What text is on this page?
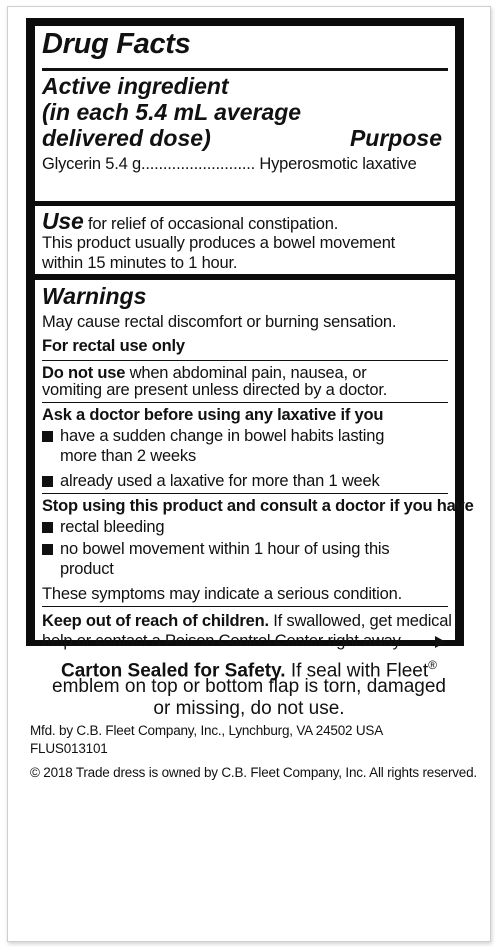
Drug Facts
Active ingredient
(in each 5.4 mL average
delivered dose)	Purpose
Glycerin 5.4 g.......................... Hyperosmotic laxative
Use for relief of occasional constipation.
This product usually produces a bowel movement
within 15 minutes to 1 hour.
Warnings
May cause rectal discomfort or burning sensation.
For rectal use only
Do not use when abdominal pain, nausea, or
vomiting are present unless directed by a doctor.
Ask a doctor before using any laxative if you
have a sudden change in bowel habits lasting
more than 2 weeks
already used a laxative for more than 1 week
Stop using this product and consult a doctor if you have
rectal bleeding
no bowel movement within 1 hour of using this
product
These symptoms may indicate a serious condition.
Keep out of reach of children. If swallowed, get medical
help or contact a Poison Control Center right away.
Carton Sealed for Safety. If seal with Fleet®
emblem on top or bottom flap is torn, damaged
or missing, do not use.
Mfd. by C.B. Fleet Company, Inc., Lynchburg, VA 24502 USA
FLUS013101
© 2018 Trade dress is owned by C.B. Fleet Company, Inc. All rights reserved.
